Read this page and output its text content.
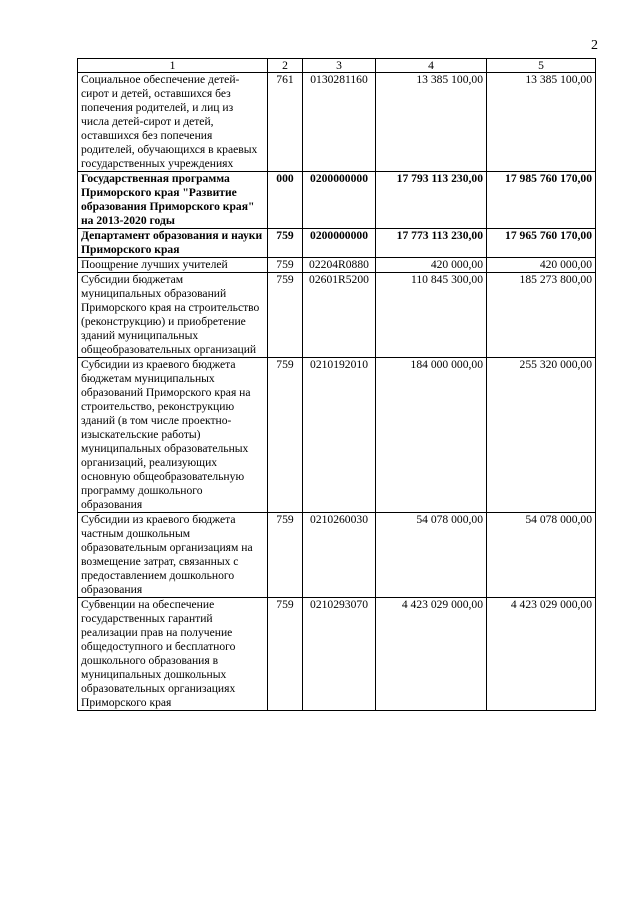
2
1	2	3	4	5
Социальное обеспечение детей-сирот и детей, оставшихся без попечения родителей, и лиц из числа детей-сирот и детей, оставшихся без попечения родителей, обучающихся в краевых государственных учреждениях	761	0130281160	13 385 100,00	13 385 100,00
Государственная программа Приморского края "Развитие образования Приморского края" на 2013-2020 годы	000	0200000000	17 793 113 230,00	17 985 760 170,00
Департамент образования и науки Приморского края	759	0200000000	17 773 113 230,00	17 965 760 170,00
Поощрение лучших учителей	759	02204R0880	420 000,00	420 000,00
Субсидии бюджетам муниципальных образований Приморского края на строительство (реконструкцию) и приобретение зданий муниципальных общеобразовательных организаций	759	02601R5200	110 845 300,00	185 273 800,00
Субсидии из краевого бюджета бюджетам муниципальных образований Приморского края на строительство, реконструкцию зданий (в том числе проектно-изыскательские работы) муниципальных образовательных организаций, реализующих основную общеобразовательную программу дошкольного образования	759	0210192010	184 000 000,00	255 320 000,00
Субсидии из краевого бюджета частным дошкольным образовательным организациям на возмещение затрат, связанных с предоставлением дошкольного образования	759	0210260030	54 078 000,00	54 078 000,00
Субвенции на обеспечение государственных гарантий реализации прав на получение общедоступного и бесплатного дошкольного образования в муниципальных дошкольных образовательных организациях Приморского края	759	0210293070	4 423 029 000,00	4 423 029 000,00
